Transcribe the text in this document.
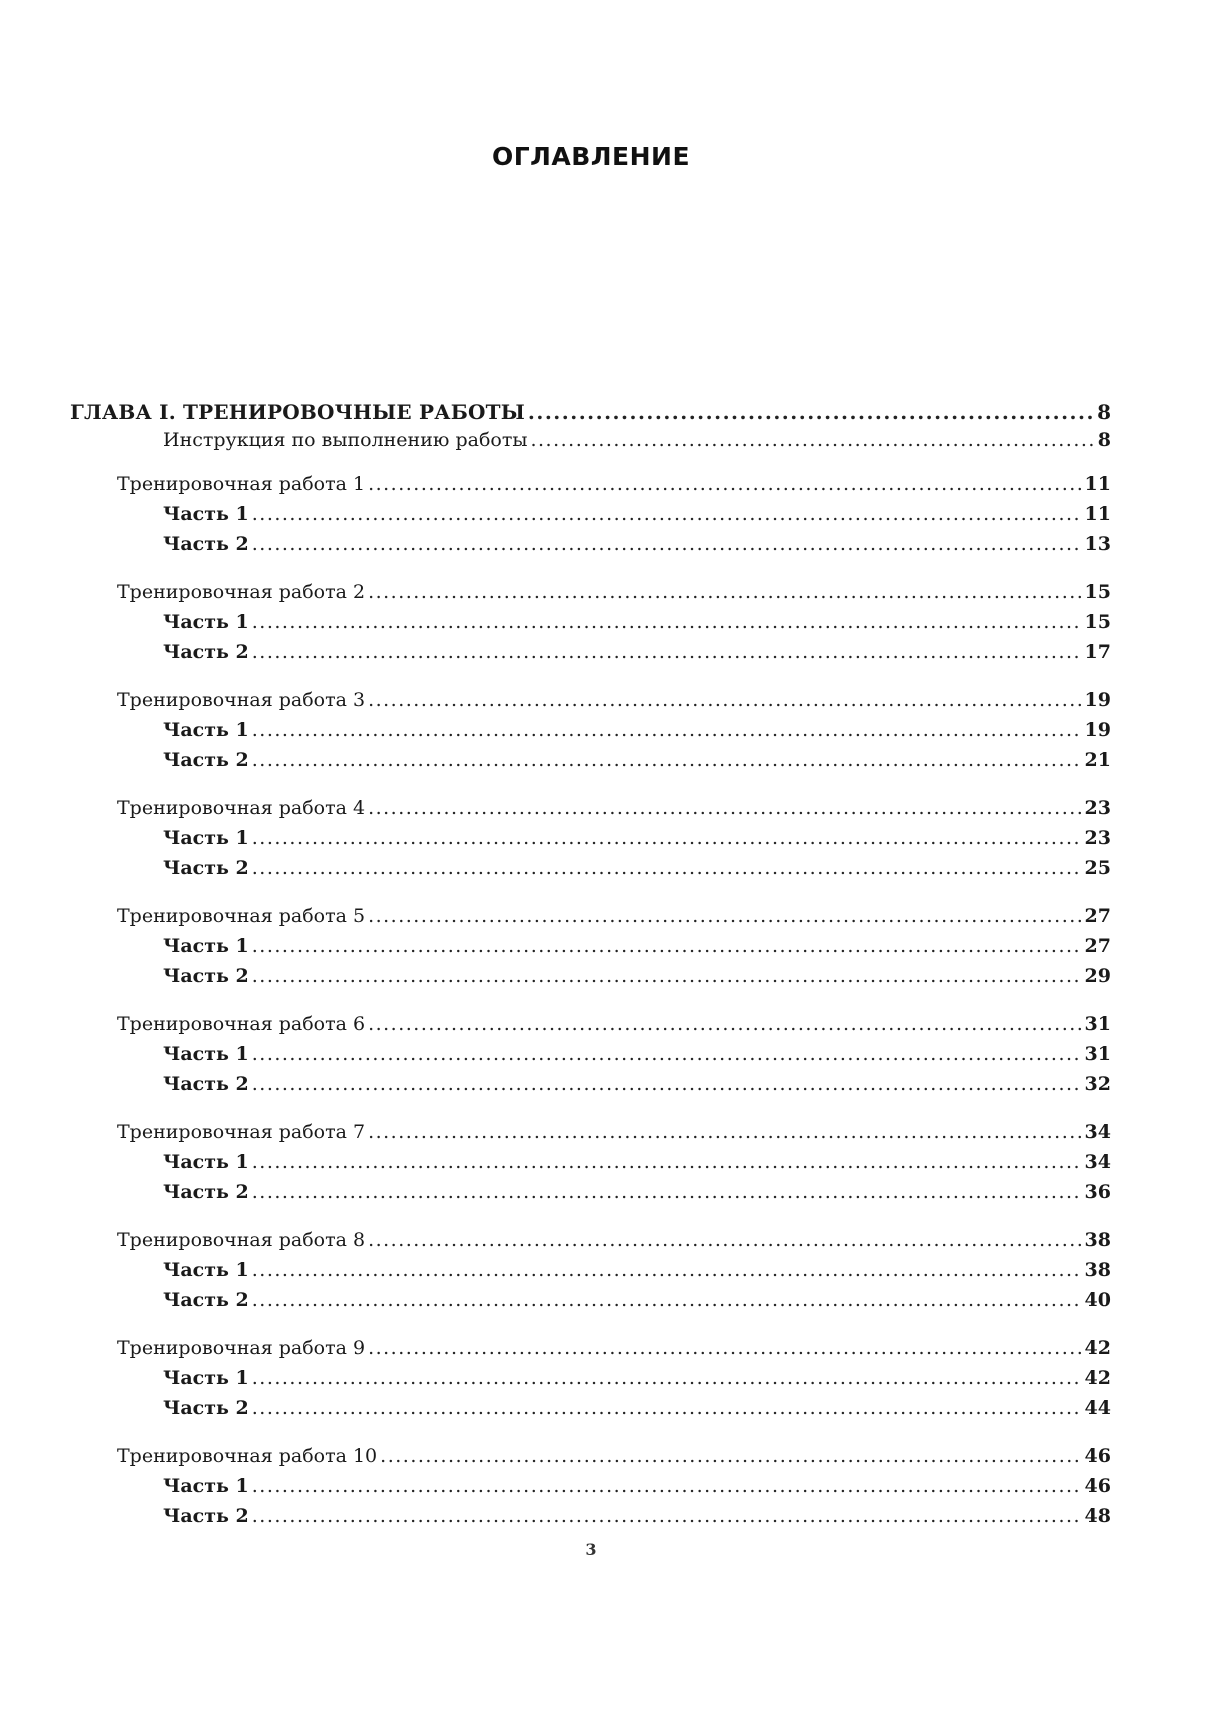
ОГЛАВЛЕНИЕ
ГЛАВА I. ТРЕНИРОВОЧНЫЕ РАБОТЫ .....	8
Инструкция по выполнению работы .....	8
Тренировочная работа 1 .....	11
Часть 1 .....	11
Часть 2 .....	13
Тренировочная работа 2 .....	15
Часть 1 .....	15
Часть 2 .....	17
Тренировочная работа 3 .....	19
Часть 1 .....	19
Часть 2 .....	21
Тренировочная работа 4 .....	23
Часть 1 .....	23
Часть 2 .....	25
Тренировочная работа 5 .....	27
Часть 1 .....	27
Часть 2 .....	29
Тренировочная работа 6 .....	31
Часть 1 .....	31
Часть 2 .....	32
Тренировочная работа 7 .....	34
Часть 1 .....	34
Часть 2 .....	36
Тренировочная работа 8 .....	38
Часть 1 .....	38
Часть 2 .....	40
Тренировочная работа 9 .....	42
Часть 1 .....	42
Часть 2 .....	44
Тренировочная работа 10 .....	46
Часть 1 .....	46
Часть 2 .....	48
3
